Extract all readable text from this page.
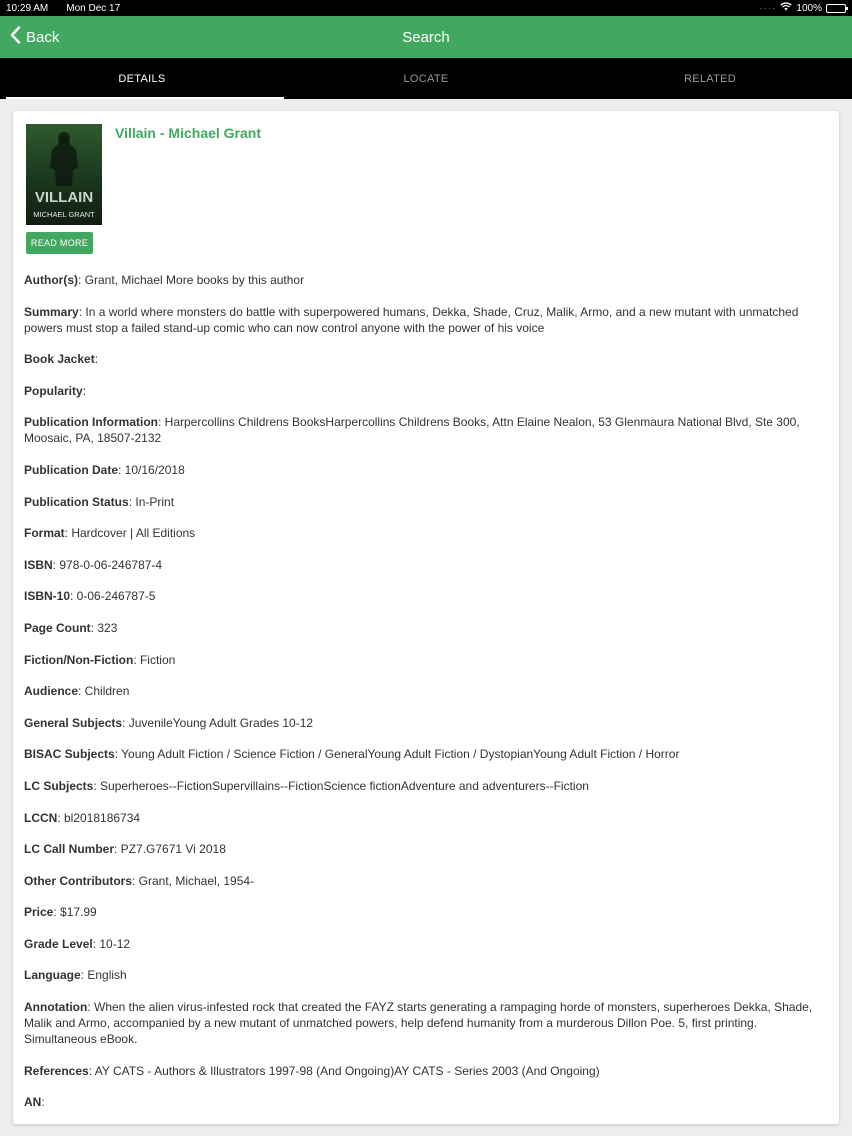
10:29 AM Mon Dec 17	···· 100%
Back	Search
DETAILS	LOCATE	RELATED
VILLAIN
MICHAEL GRANT
READ MORE
Villain - Michael Grant
Author(s): Grant, Michael More books by this author
Summary: In a world where monsters do battle with superpowered humans, Dekka, Shade, Cruz, Malik, Armo, and a new mutant with unmatched powers must stop a failed stand-up comic who can now control anyone with the power of his voice
Book Jacket:
Popularity:
Publication Information: Harpercollins Childrens BooksHarpercollins Childrens Books, Attn Elaine Nealon, 53 Glenmaura National Blvd, Ste 300, Moosaic, PA, 18507-2132
Publication Date: 10/16/2018
Publication Status: In-Print
Format: Hardcover | All Editions
ISBN: 978-0-06-246787-4
ISBN-10: 0-06-246787-5
Page Count: 323
Fiction/Non-Fiction: Fiction
Audience: Children
General Subjects: JuvenileYoung Adult Grades 10-12
BISAC Subjects: Young Adult Fiction / Science Fiction / GeneralYoung Adult Fiction / DystopianYoung Adult Fiction / Horror
LC Subjects: Superheroes--FictionSupervillains--FictionScience fictionAdventure and adventurers--Fiction
LCCN: bl2018186734
LC Call Number: PZ7.G7671 Vi 2018
Other Contributors: Grant, Michael, 1954-
Price: $17.99
Grade Level: 10-12
Language: English
Annotation: When the alien virus-infested rock that created the FAYZ starts generating a rampaging horde of monsters, superheroes Dekka, Shade, Malik and Armo, accompanied by a new mutant of unmatched powers, help defend humanity from a murderous Dillon Poe. 5, first printing. Simultaneous eBook.
References: AY CATS - Authors & Illustrators 1997-98 (And Ongoing)AY CATS - Series 2003 (And Ongoing)
AN:
